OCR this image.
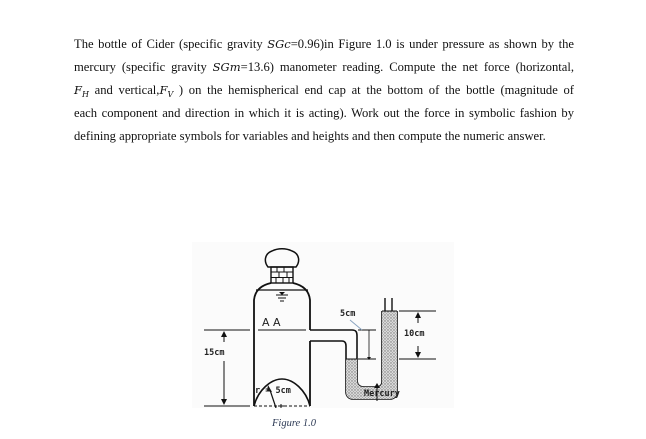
The bottle of Cider (specific gravity SGc=0.96)in Figure 1.0 is under pressure as shown by the
mercury (specific gravity SGm=13.6) manometer reading. Compute the net force (horizontal,
$F_H$ and $vertical,F_V$ ) on the hemispherical end cap at the bottom of the bottle (magnitude of
each component and direction in which it is acting). Work out the force in symbolic fashion by
defining appropriate symbols for variables and heights and then compute the numeric answer.
A A
5cm
10cm
15cm
r = 5cm	Mercury
Figure 1.0
